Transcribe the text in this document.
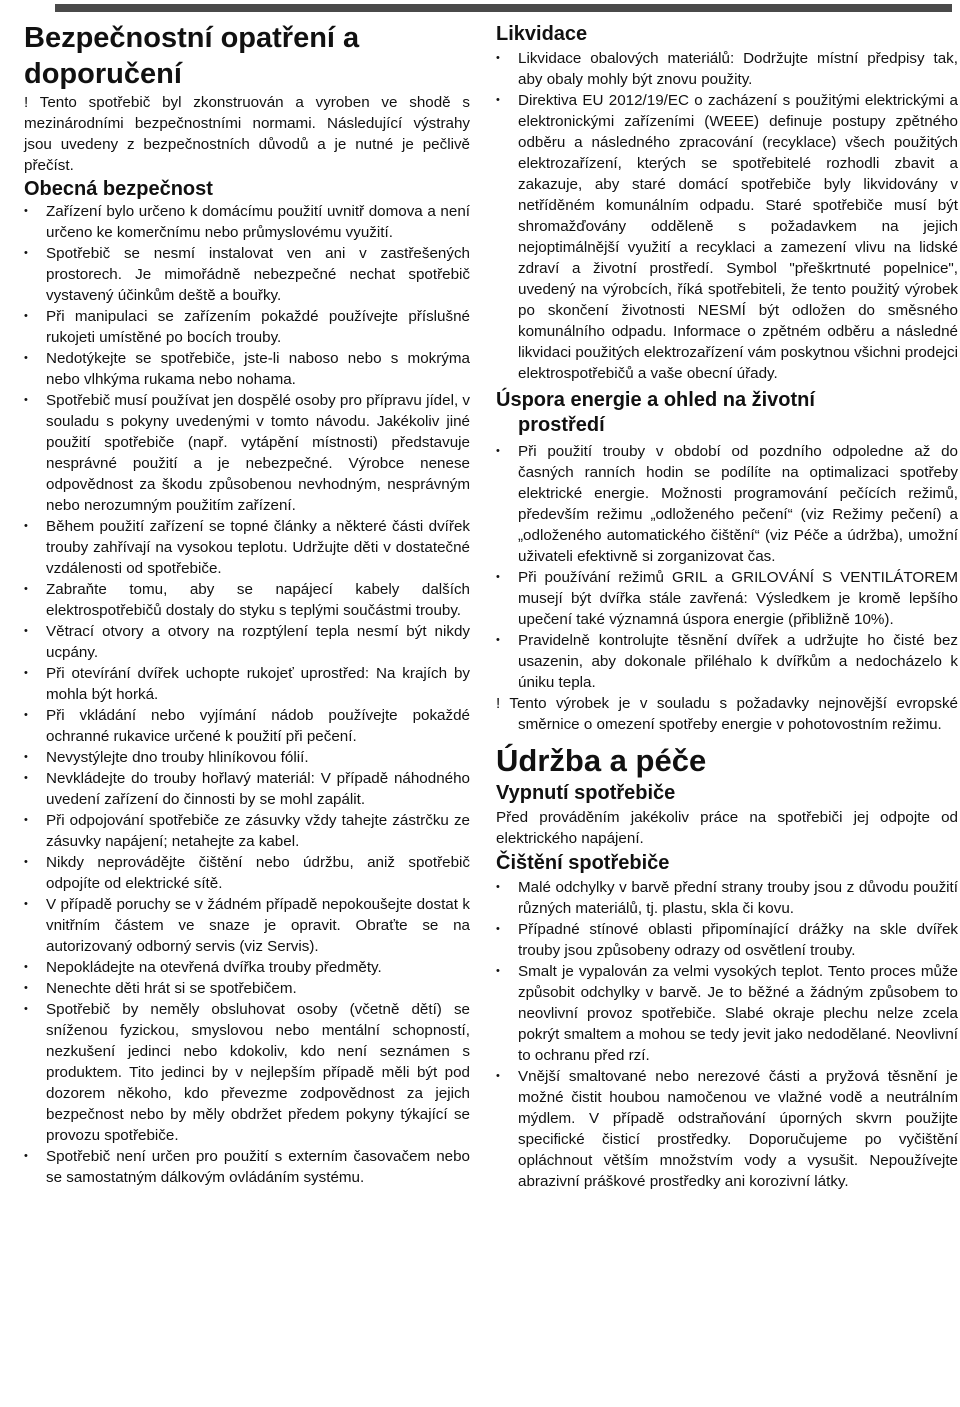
Bezpečnostní opatření a doporučení

! Tento spotřebič byl zkonstruován a vyroben ve shodě s mezinárodními bezpečnostními normami. Následující výstrahy jsou uvedeny z bezpečnostních důvodů a je nutné je pečlivě přečíst.

Obecná bezpečnost
• Zařízení bylo určeno k domácímu použití uvnitř domova a není určeno ke komerčnímu nebo průmyslovému využití.
• Spotřebič se nesmí instalovat ven ani v zastřešených prostorech. Je mimořádně nebezpečné nechat spotřebič vystavený účinkům deště a bouřky.
• Při manipulaci se zařízením pokaždé používejte příslušné rukojeti umístěné po bocích trouby.
• Nedotýkejte se spotřebiče, jste-li naboso nebo s mokrýma nebo vlhkýma rukama nebo nohama.
• Spotřebič musí používat jen dospělé osoby pro přípravu jídel, v souladu s pokyny uvedenými v tomto návodu. Jakékoliv jiné použití spotřebiče (např. vytápění místnosti) představuje nesprávné použití a je nebezpečné. Výrobce nenese odpovědnost za škodu způsobenou nevhodným, nesprávným nebo nerozumným použitím zařízení.
• Během použití zařízení se topné články a některé části dvířek trouby zahřívají na vysokou teplotu. Udržujte děti v dostatečné vzdálenosti od spotřebiče.
• Zabraňte tomu, aby se napájecí kabely dalších elektrospotřebičů dostaly do styku s teplými součástmi trouby.
• Větrací otvory a otvory na rozptýlení tepla nesmí být nikdy ucpány.
• Při otevírání dvířek uchopte rukojeť uprostřed: Na krajích by mohla být horká.
• Při vkládání nebo vyjímání nádob používejte pokaždé ochranné rukavice určené k použití při pečení.
• Nevystýlejte dno trouby hliníkovou fólií.
• Nevkládejte do trouby hořlavý materiál: V případě náhodného uvedení zařízení do činnosti by se mohl zapálit.
• Při odpojování spotřebiče ze zásuvky vždy tahejte zástrčku ze zásuvky napájení; netahejte za kabel.
• Nikdy neprovádějte čištění nebo údržbu, aniž spotřebič odpojíte od elektrické sítě.
• V případě poruchy se v žádném případě nepokoušejte dostat k vnitřním částem ve snaze je opravit. Obraťte se na autorizovaný odborný servis (viz Servis).
• Nepokládejte na otevřená dvířka trouby předměty.
• Nenechte děti hrát si se spotřebičem.
• Spotřebič by neměly obsluhovat osoby (včetně dětí) se sníženou fyzickou, smyslovou nebo mentální schopností, nezkušení jedinci nebo kdokoliv, kdo není seznámen s produktem. Tito jedinci by v nejlepším případě měli být pod dozorem někoho, kdo převezme zodpovědnost za jejich bezpečnost nebo by měly obdržet předem pokyny týkající se provozu spotřebiče.
• Spotřebič není určen pro použití s externím časovačem nebo se samostatným dálkovým ovládáním systému.
Likvidace
• Likvidace obalových materiálů: Dodržujte místní předpisy tak, aby obaly mohly být znovu použity.
• Direktiva EU 2012/19/EC o zacházení s použitými elektrickými a elektronickými zařízeními (WEEE) definuje postupy zpětného odběru a následného zpracování (recyklace) všech použitých elektrozařízení, kterých se spotřebitelé rozhodli zbavit a zakazuje, aby staré domácí spotřebiče byly likvidovány v netříděném komunálním odpadu. Staré spotřebiče musí být shromažďovány odděleně s požadavkem na jejich nejoptimálnější využití a recyklaci a zamezení vlivu na lidské zdraví a životní prostředí. Symbol "přeškrtnuté popelnice", uvedený na výrobcích, říká spotřebiteli, že tento použitý výrobek po skončení životnosti NESMÍ být odložen do směsného komunálního odpadu. Informace o zpětném odběru a následné likvidaci použitých elektrozařízení vám poskytnou všichni prodejci elektrospotřebičů a vaše obecní úřady.
Úspora energie a ohled na životní
prostředí
• Při použití trouby v období od pozdního odpoledne až do časných ranních hodin se podílíte na optimalizaci spotřeby elektrické energie. Možnosti programování pečících režimů, především režimu „odloženého pečení“ (viz Režimy pečení) a „odloženého automatického čištění“ (viz Péče a údržba), umožní uživateli efektivně si zorganizovat čas.
• Při používání režimů GRIL a GRILOVÁNÍ S VENTILÁTOREM musejí být dvířka stále zavřená: Výsledkem je kromě lepšího upečení také významná úspora energie (přibližně 10%).
• Pravidelně kontrolujte těsnění dvířek a udržujte ho čisté bez usazenin, aby dokonale přiléhalo k dvířkům a nedocházelo k úniku tepla.

! Tento výrobek je v souladu s požadavky nejnovější evropské směrnice o omezení spotřeby energie v pohotovostním režimu.

Údržba a péče
Vypnutí spotřebiče

Před prováděním jakékoliv práce na spotřebiči jej odpojte od elektrického napájení.

Čištění spotřebiče
• Malé odchylky v barvě přední strany trouby jsou z důvodu použití různých materiálů, tj. plastu, skla či kovu.
• Případné stínové oblasti připomínající drážky na skle dvířek trouby jsou způsobeny odrazy od osvětlení trouby.
• Smalt je vypalován za velmi vysokých teplot. Tento proces může způsobit odchylky v barvě. Je to běžné a žádným způsobem to neovlivní provoz spotřebiče. Slabé okraje plechu nelze zcela pokrýt smaltem a mohou se tedy jevit jako nedodělané. Neovlivní to ochranu před rzí.
• Vnější smaltované nebo nerezové části a pryžová těsnění je možné čistit houbou namočenou ve vlažné vodě a neutrálním mýdlem. V případě odstraňování úporných skvrn použijte specifické čisticí prostředky. Doporučujeme po vyčištění opláchnout větším množstvím vody a vysušit. Nepoužívejte abrazivní práškové prostředky ani korozivní látky.
